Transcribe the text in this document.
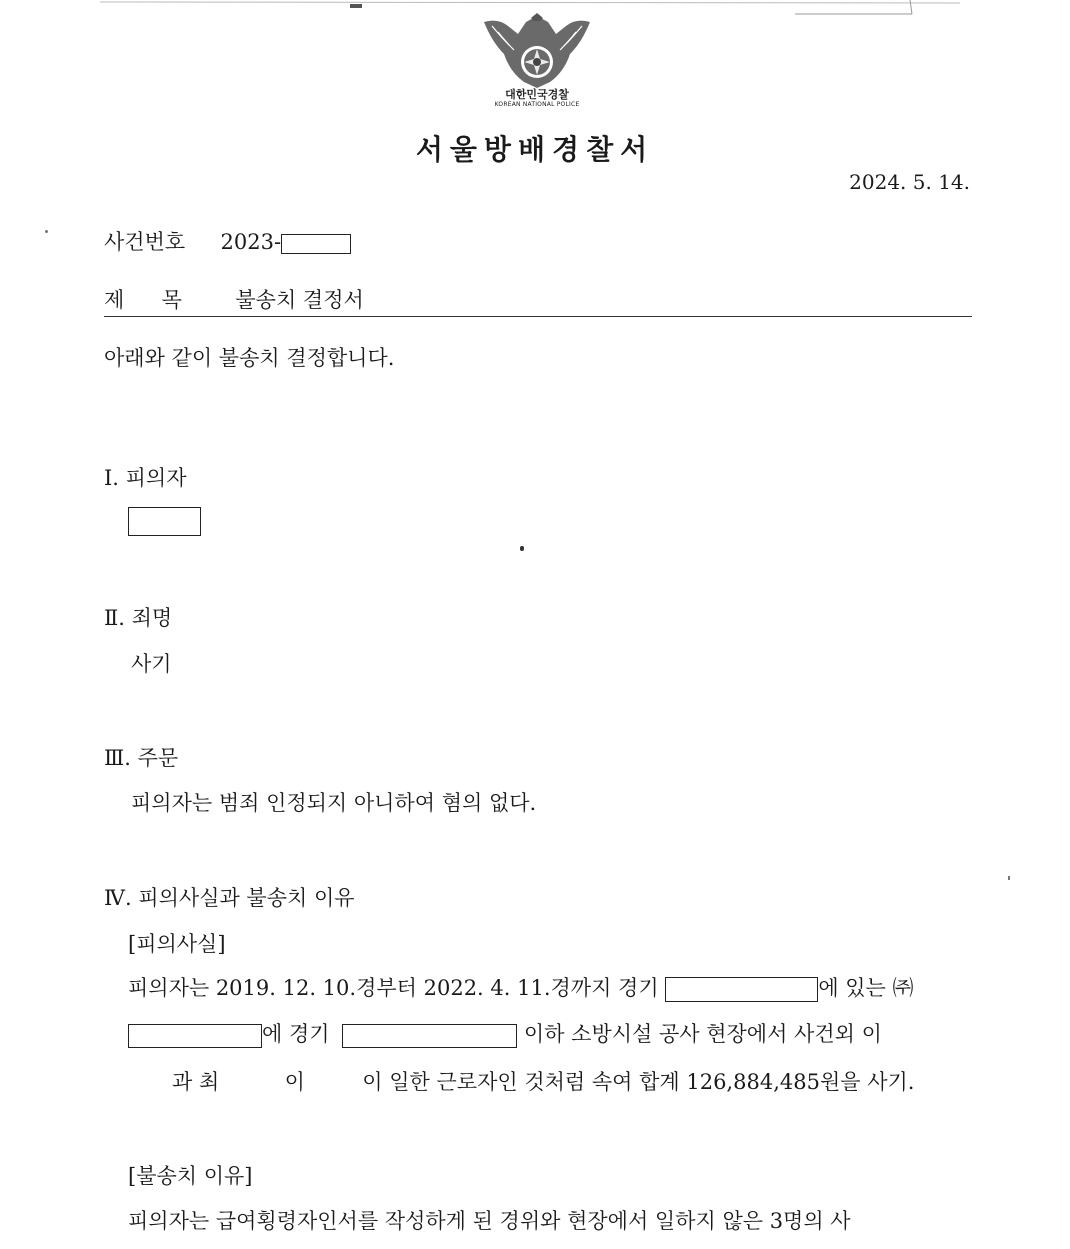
대한민국경찰
KOREAN NATIONAL POLICE
서울방배경찰서
2024. 5. 14.
사건번호 2023-
제  목 불송치 결정서
아래와 같이 불송치 결정합니다.
Ⅰ. 피의자
Ⅱ. 죄명
사기
Ⅲ. 주문
피의자는 범죄 인정되지 아니하여 혐의 없다.
Ⅳ. 피의사실과 불송치 이유
[피의사실]
피의자는 2019. 12. 10.경부터 2022. 4. 11.경까지 경기	에 있는 ㈜
에 경기	이하 소방시설 공사 현장에서 사건외 이
과 최	이	이 일한 근로자인 것처럼 속여 합계 126,884,485원을 사기.
[불송치 이유]
피의자는 급여횡령자인서를 작성하게 된 경위와 현장에서 일하지 않은 3명의 사
